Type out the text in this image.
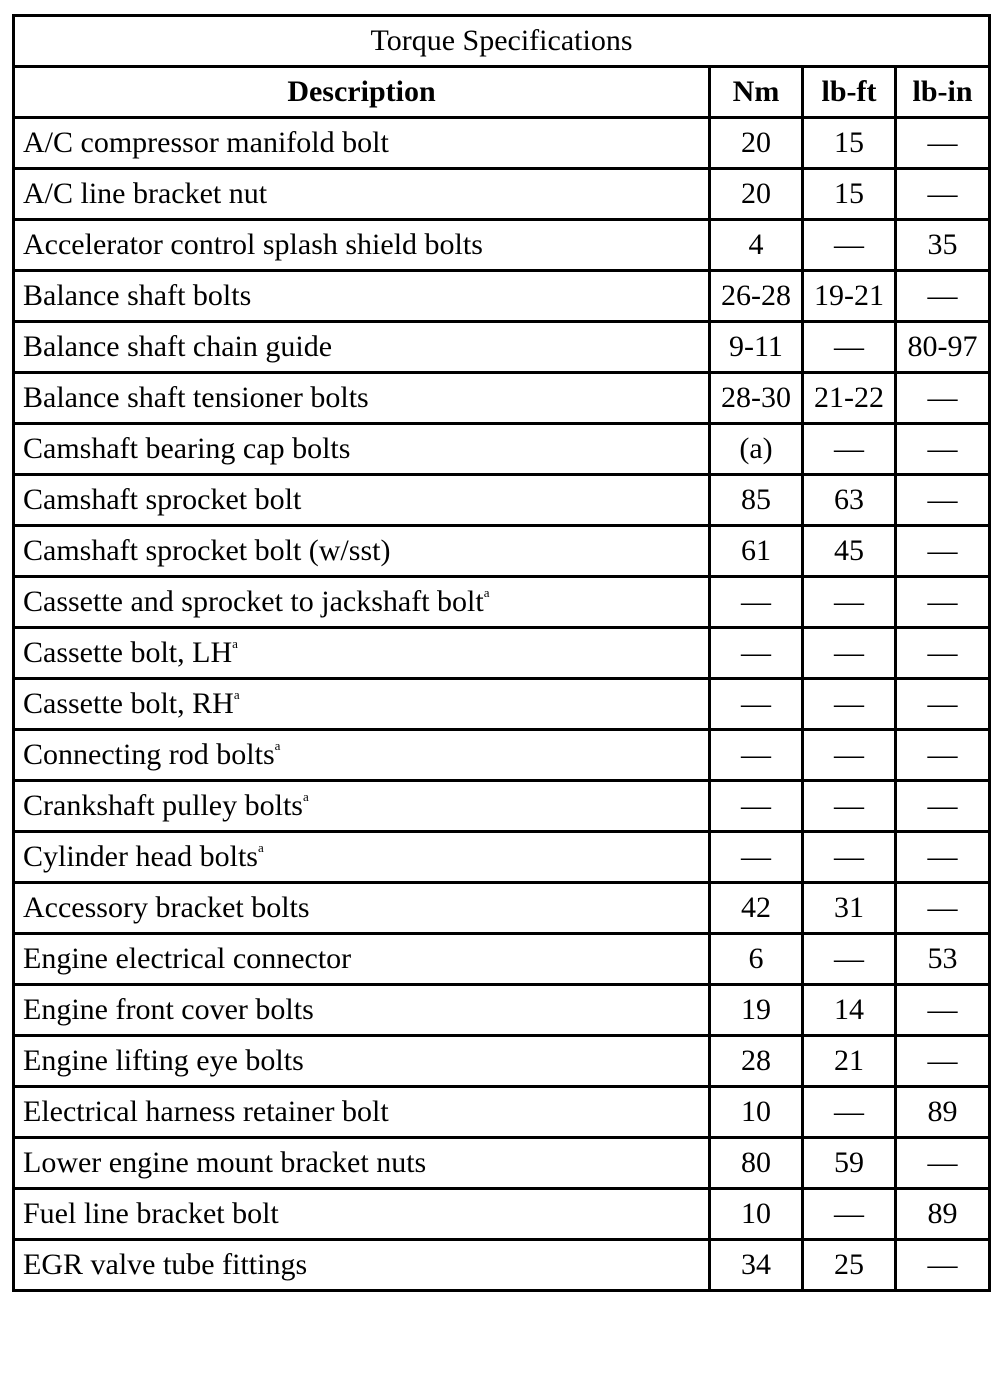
Torque Specifications			
Description	Nm	lb-ft	lb-in
A/C compressor manifold bolt	20	15	—
A/C line bracket nut	20	15	—
Accelerator control splash shield bolts	4	—	35
Balance shaft bolts	26-28	19-21	—
Balance shaft chain guide	9-11	—	80-97
Balance shaft tensioner bolts	28-30	21-22	—
Camshaft bearing cap bolts	(a)	—	—
Camshaft sprocket bolt	85	63	—
Camshaft sprocket bolt (w/sst)	61	45	—
Cassette and sprocket to jackshaft bolt$^a$	—	—	—
Cassette bolt, $LH^a$	—	—	—
Cassette bolt, $RH^a$	—	—	—
Connecting rod bolts$^a$	—	—	—
Crankshaft pulley bolts$^a$	—	—	—
Cylinder head bolts$^a$	—	—	—
Accessory bracket bolts	42	31	—
Engine electrical connector	6	—	53
Engine front cover bolts	19	14	—
Engine lifting eye bolts	28	21	—
Electrical harness retainer bolt	10	—	89
Lower engine mount bracket nuts	80	59	—
Fuel line bracket bolt	10	—	89
EGR valve tube fittings	34	25	—
